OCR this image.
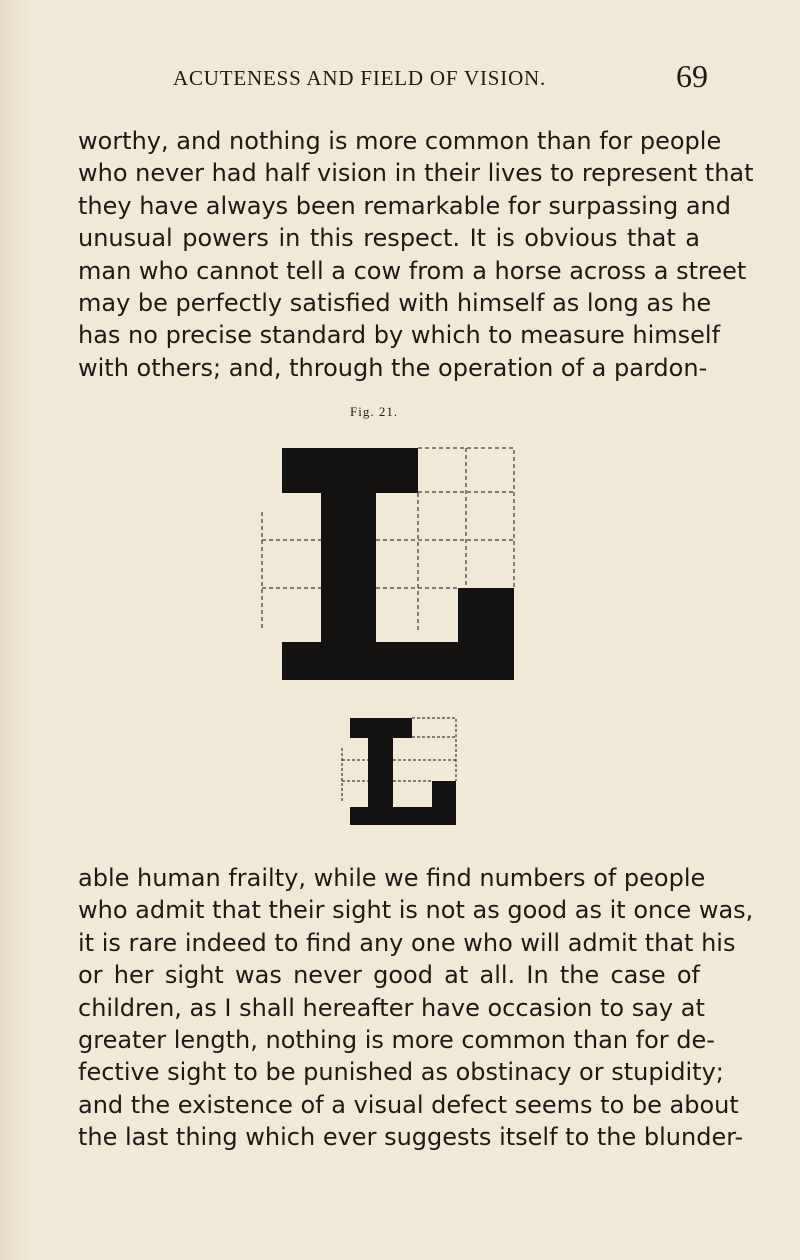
ACUTENESS AND FIELD OF VISION.	69
worthy, and nothing is more common than for people
who never had half vision in their lives to represent that
they have always been remarkable for surpassing and
unusual powers in this respect. It is obvious that a
man who cannot tell a cow from a horse across a street
may be perfectly satisfied with himself as long as he
has no precise standard by which to measure himself
with others; and, through the operation of a pardon-
Fig. 21.
able human frailty, while we find numbers of people
who admit that their sight is not as good as it once was,
it is rare indeed to find any one who will admit that his
or her sight was never good at all. In the case of
children, as I shall hereafter have occasion to say at
greater length, nothing is more common than for de-
fective sight to be punished as obstinacy or stupidity;
and the existence of a visual defect seems to be about
the last thing which ever suggests itself to the blunder-
